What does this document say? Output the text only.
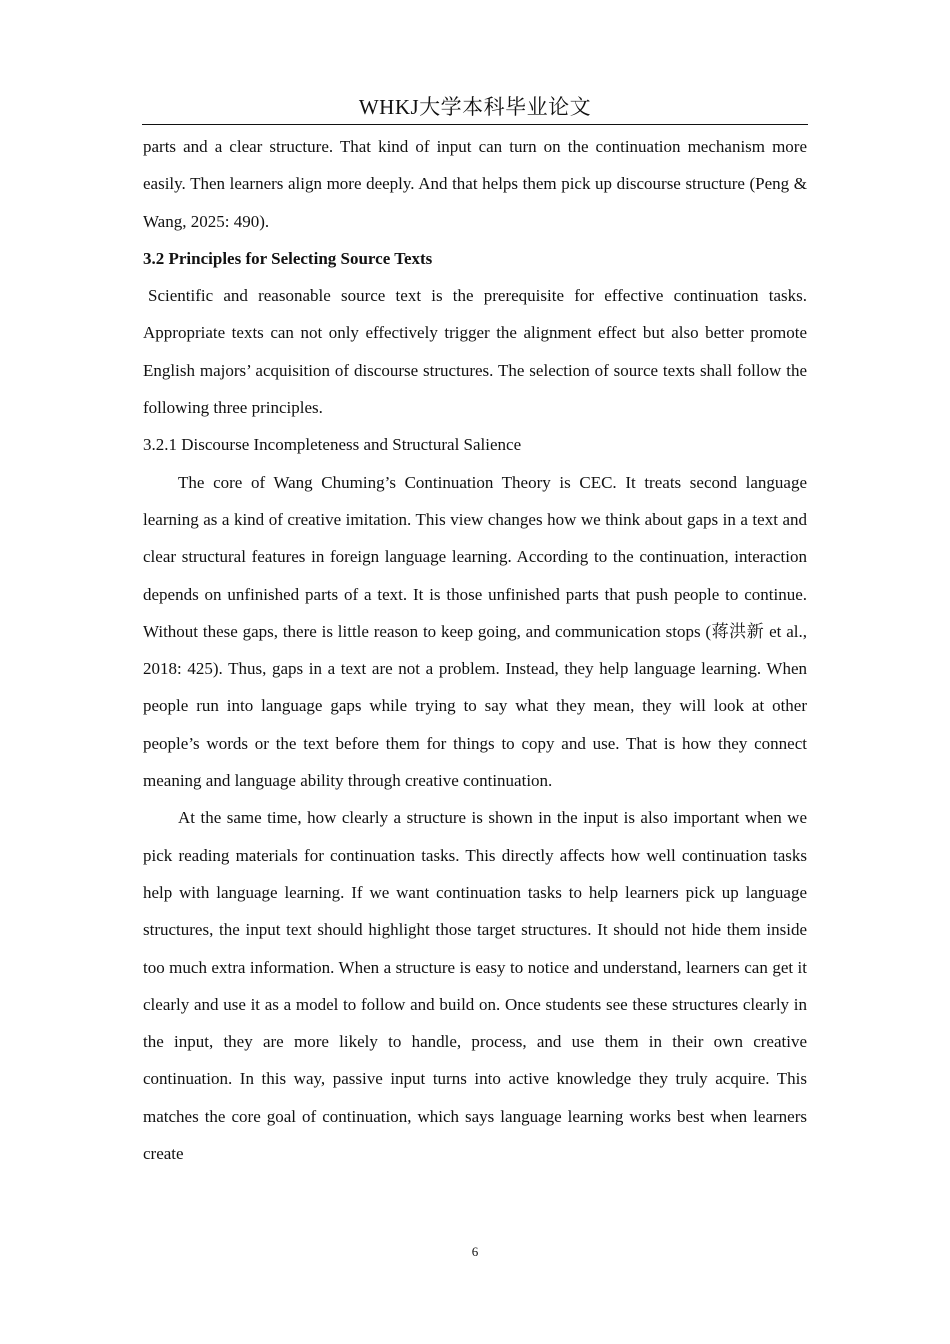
WHKJ大学本科毕业论文

parts and a clear structure. That kind of input can turn on the continuation mechanism more easily. Then learners align more deeply. And that helps them pick up discourse structure (Peng & Wang, 2025: 490).

3.2 Principles for Selecting Source Texts

Scientific and reasonable source text is the prerequisite for effective continuation tasks. Appropriate texts can not only effectively trigger the alignment effect but also better promote English majors’ acquisition of discourse structures. The selection of source texts shall follow the following three principles.

3.2.1 Discourse Incompleteness and Structural Salience

The core of Wang Chuming’s Continuation Theory is CEC. It treats second language learning as a kind of creative imitation. This view changes how we think about gaps in a text and clear structural features in foreign language learning. According to the continuation, interaction depends on unfinished parts of a text. It is those unfinished parts that push people to continue. Without these gaps, there is little reason to keep going, and communication stops (蒋洪新 et al., 2018: 425). Thus, gaps in a text are not a problem. Instead, they help language learning. When people run into language gaps while trying to say what they mean, they will look at other people’s words or the text before them for things to copy and use. That is how they connect meaning and language ability through creative continuation.

At the same time, how clearly a structure is shown in the input is also important when we pick reading materials for continuation tasks. This directly affects how well continuation tasks help with language learning. If we want continuation tasks to help learners pick up language structures, the input text should highlight those target structures. It should not hide them inside too much extra information. When a structure is easy to notice and understand, learners can get it clearly and use it as a model to follow and build on. Once students see these structures clearly in the input, they are more likely to handle, process, and use them in their own creative continuation. In this way, passive input turns into active knowledge they truly acquire. This matches the core goal of continuation, which says language learning works best when learners create

6
